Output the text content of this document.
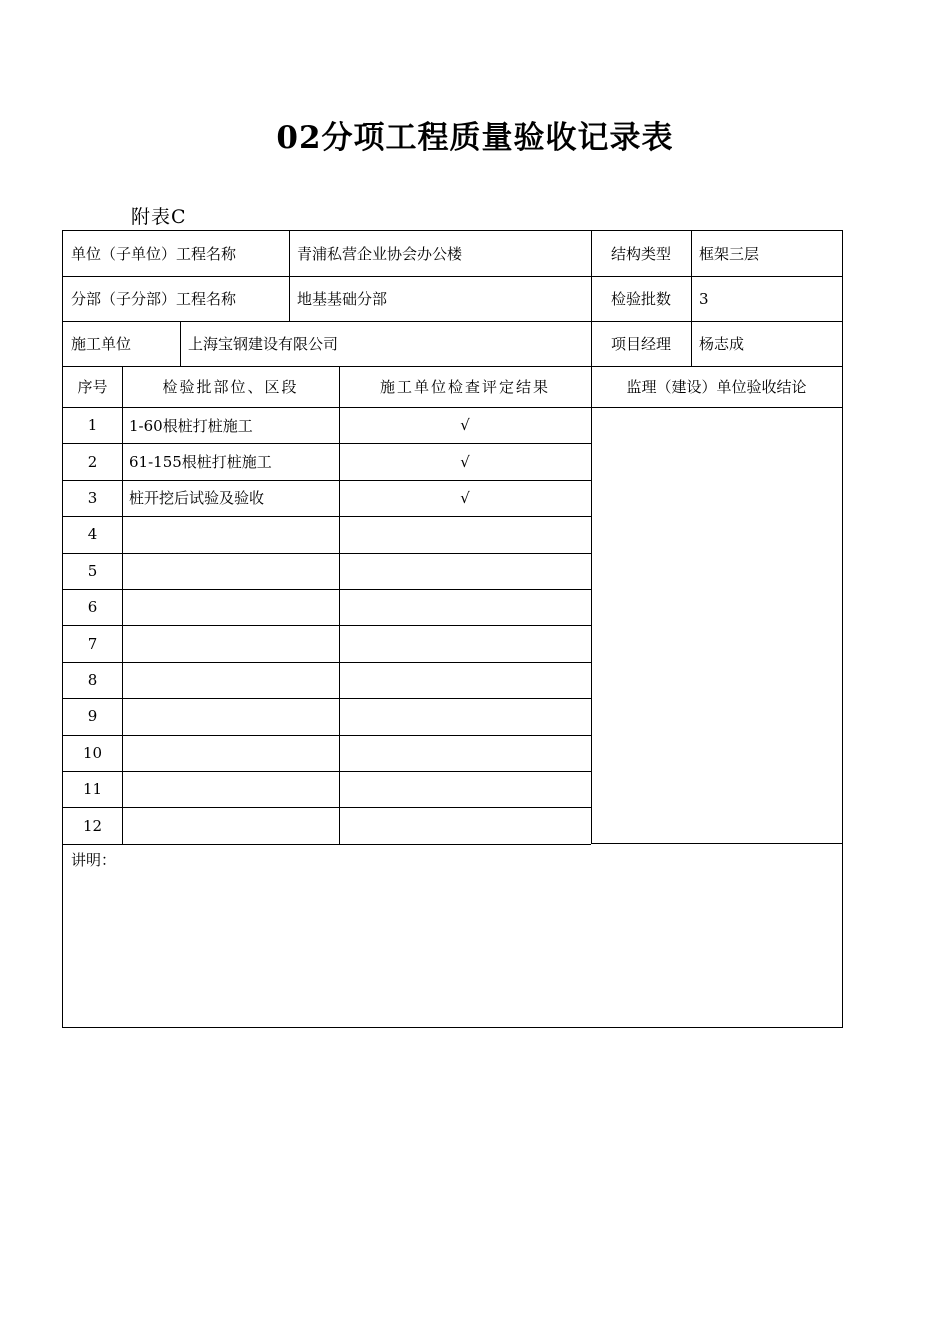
02分项工程质量验收记录表
附表C
单位（子单位）工程名称	青浦私营企业协会办公楼	结构类型	框架三层
分部（子分部）工程名称	地基基础分部	检验批数	3
施工单位	上海宝钢建设有限公司	项目经理	杨志成
序号	检验批部位、区段	施工单位检查评定结果	监理（建设）单位验收结论
1	1-60根桩打桩施工	√
2	61-155根桩打桩施工	√
3	桩开挖后试验及验收	√
4
5
6
7
8
9
10
11
12
讲明：
